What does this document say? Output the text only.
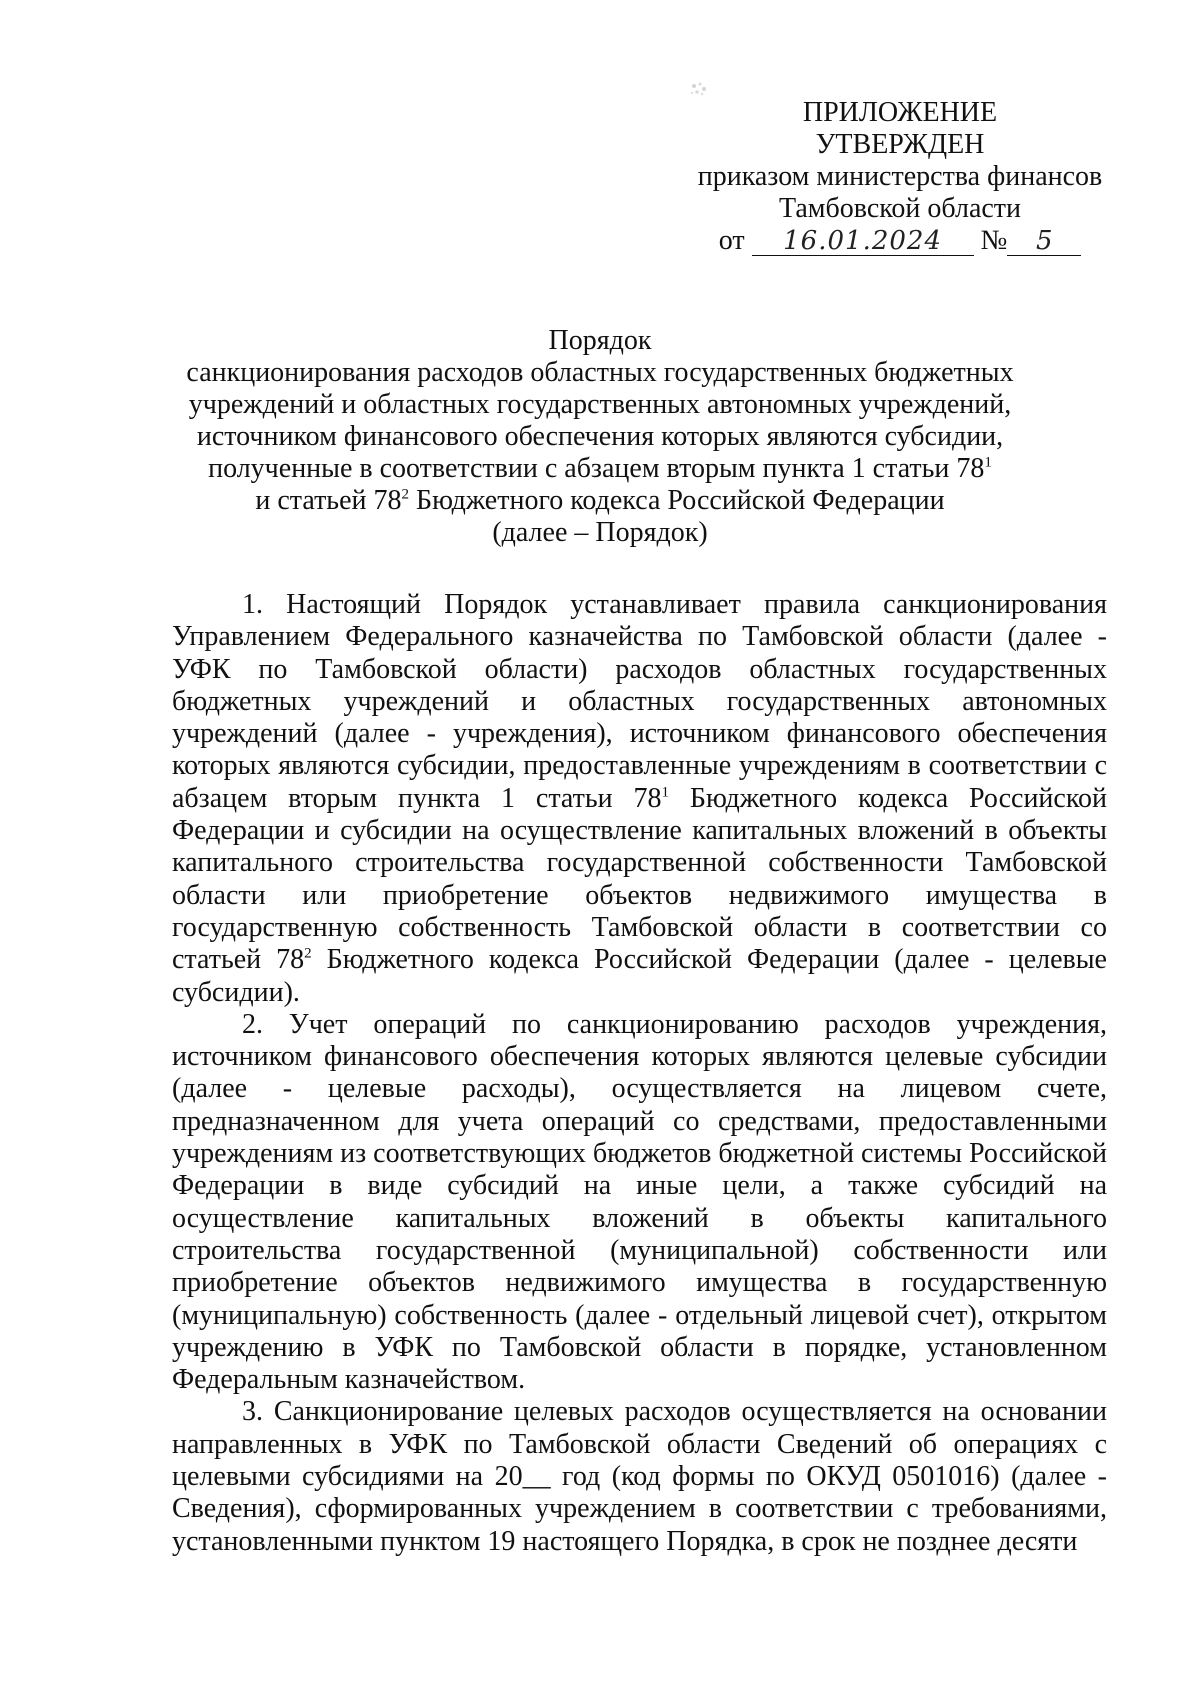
ПРИЛОЖЕНИЕ
УТВЕРЖДЕН
приказом министерства финансов
Тамбовской области
от 16.01.2024 № 5
Порядок
санкционирования расходов областных государственных бюджетных
учреждений и областных государственных автономных учреждений,
источником финансового обеспечения которых являются субсидии,
полученные в соответствии с абзацем вторым пункта 1 статьи $78^1$
и статьей $78^2$ Бюджетного кодекса Российской Федерации
(далее – Порядок)

1. Настоящий Порядок устанавливает правила санкционирования Управлением Федерального казначейства по Тамбовской области (далее - УФК по Тамбовской области) расходов областных государственных бюджетных учреждений и областных государственных автономных учреждений (далее - учреждения), источником финансового обеспечения которых являются субсидии, предоставленные учреждениям в соответствии с абзацем вторым пункта 1 статьи $78^1$ Бюджетного кодекса Российской Федерации и субсидии на осуществление капитальных вложений в объекты капитального строительства государственной собственности Тамбовской области или приобретение объектов недвижимого имущества в государственную собственность Тамбовской области в соответствии со статьей $78^2$ Бюджетного кодекса Российской Федерации (далее - целевые субсидии).

2. Учет операций по санкционированию расходов учреждения, источником финансового обеспечения которых являются целевые субсидии (далее - целевые расходы), осуществляется на лицевом счете, предназначенном для учета операций со средствами, предоставленными учреждениям из соответствующих бюджетов бюджетной системы Российской Федерации в виде субсидий на иные цели, а также субсидий на осуществление капитальных вложений в объекты капитального строительства государственной (муниципальной) собственности или приобретение объектов недвижимого имущества в государственную (муниципальную) собственность (далее - отдельный лицевой счет), открытом учреждению в УФК по Тамбовской области в порядке, установленном Федеральным казначейством.

3. Санкционирование целевых расходов осуществляется на основании направленных в УФК по Тамбовской области Сведений об операциях с целевыми субсидиями на 20__ год (код формы по ОКУД 0501016) (далее - Сведения), сформированных учреждением в соответствии с требованиями, установленными пунктом 19 настоящего Порядка, в срок не позднее десяти
